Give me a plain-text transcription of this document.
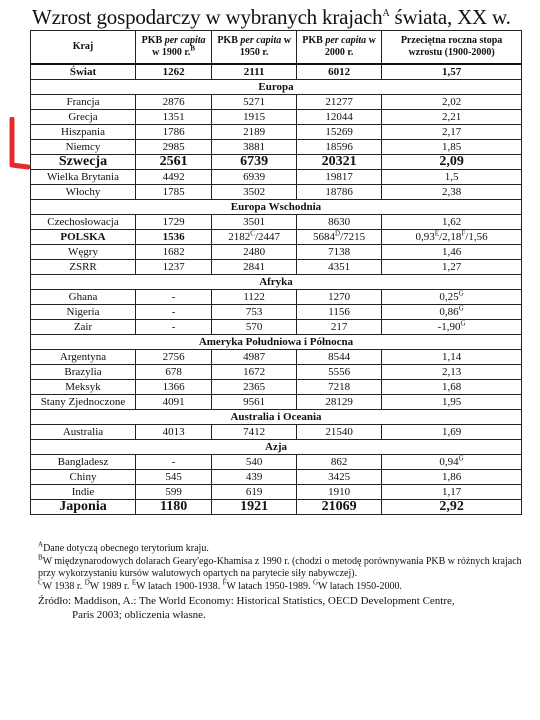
Wzrost gospodarczy w wybranych krajach$^A$ świata, XX w.
Kraj	PKB per capita w 1900 r.$^B$	PKB per capita w 1950 r.	PKB per capita w 2000 r.	Przeciętna roczna stopa wzrostu (1900-2000)
Świat	1262	2111	6012	1,57
Europa				
Francja	2876	5271	21277	2,02
Grecja	1351	1915	12044	2,21
Hiszpania	1786	2189	15269	2,17
Niemcy	2985	3881	18596	1,85
Szwecja	2561	6739	20321	2,09
Wielka Brytania	4492	6939	19817	1,5
Włochy	1785	3502	18786	2,38
Europa Wschodnia				
Czechosłowacja	1729	3501	8630	1,62
POLSKA	1536	$2182^C/2447$	$5684^D/7215$	$0,93^E/2,18^F/1,56$
Węgry	1682	2480	7138	1,46
ZSRR	1237	2841	4351	1,27
Afryka				
Ghana	-	1122	1270	$0,25^G$
Nigeria	-	753	1156	$0,86^G$
Zair	-	570	217	$-1,90^G$
Ameryka Południowa i Północna				
Argentyna	2756	4987	8544	1,14
Brazylia	678	1672	5556	2,13
Meksyk	1366	2365	7218	1,68
Stany Zjednoczone	4091	9561	28129	1,95
Australia i Oceania				
Australia	4013	7412	21540	1,69
Azja				
Bangladesz	-	540	862	$0,94^G$
Chiny	545	439	3425	1,86
Indie	599	619	1910	1,17
Japonia	1180	1921	21069	2,92

$^A$Dane dotyczą obecnego terytorium kraju.

$^B$W międzynarodowych dolarach Geary'ego-Khamisa z 1990 r. (chodzi o metodę porównywania PKB w różnych krajach przy wykorzystaniu kursów walutowych opartych na parytecie siły nabywczej).

$^C$W 1938 r. $^D$W 1989 r. $^E$W latach 1900-1938. $^F$W latach 1950-1989. $^G$W latach 1950-2000.

Źródło: Maddison, A.: The World Economy: Historical Statistics, OECD Development Centre,
Paris 2003; obliczenia własne.
